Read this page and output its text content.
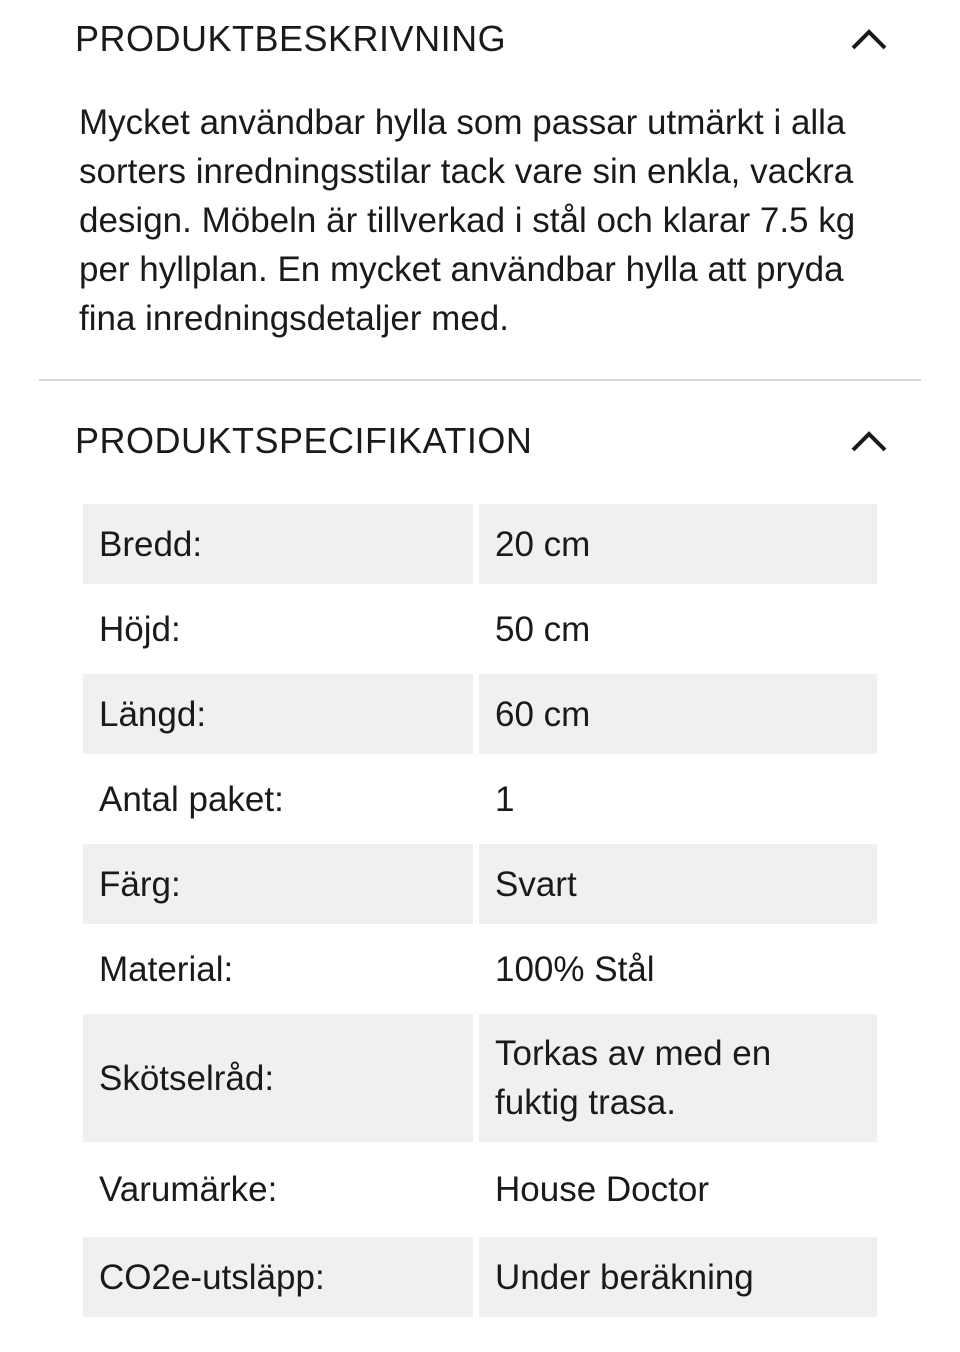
PRODUKTBESKRIVNING

Mycket användbar hylla som passar utmärkt i alla sorters inredningsstilar tack vare sin enkla, vackra design. Möbeln är tillverkad i stål och klarar 7.5 kg per hyllplan. En mycket användbar hylla att pryda fina inredningsdetaljer med.

PRODUKTSPECIFIKATION
Bredd:	20 cm
Höjd:	50 cm
Längd:	60 cm
Antal paket:	1
Färg:	Svart
Material:	100% Stål
Skötselråd:
Torkas av med en fuktig trasa.
Varumärke:	House Doctor
CO2e-utsläpp:	Under beräkning
